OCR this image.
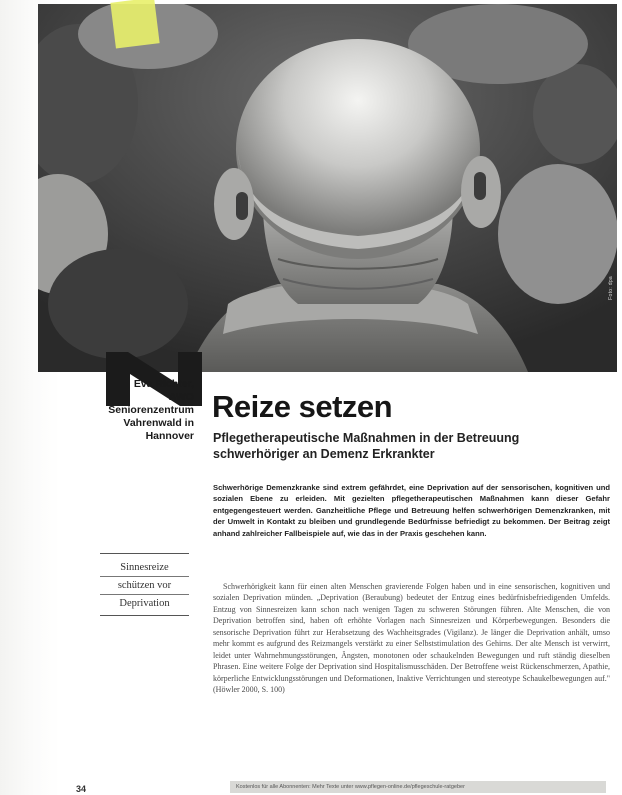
Foto: dpa
Eva Richter,
AWO
Seniorenzentrum
Vahrenwald in
Hannover
Reize setzen
Pflegetherapeutische Maßnahmen in der Betreuung schwerhöriger an Demenz Erkrankter
Schwerhörige Demenzkranke sind extrem gefährdet, eine Deprivation auf der sensorischen, kognitiven und sozialen Ebene zu erleiden. Mit gezielten pflegetherapeutischen Maßnahmen kann dieser Gefahr entgegengesteuert werden. Ganzheitliche Pflege und Betreuung helfen schwerhörigen Demenzkranken, mit der Umwelt in Kontakt zu bleiben und grundlegende Bedürfnisse befriedigt zu bekommen. Der Beitrag zeigt anhand zahlreicher Fallbeispiele auf, wie das in der Praxis geschehen kann.
Sinnesreize
schützen vor
Deprivation
Schwerhörigkeit kann für einen alten Menschen gravierende Folgen haben und in eine sensorischen, kognitiven und sozialen Deprivation münden. „Deprivation (Beraubung) bedeutet der Entzug eines bedürfnisbefriedigenden Umfelds. Entzug von Sinnesreizen kann schon nach wenigen Tagen zu schweren Störungen führen. Alte Menschen, die von Deprivation betroffen sind, haben oft erhöhte Vorlagen nach Sinnesreizen und Körperbewegungen. Besonders die sensorische Deprivation führt zur Herabsetzung des Wachheitsgrades (Vigilanz). Je länger die Deprivation anhält, umso mehr kommt es aufgrund des Reizmangels verstärkt zu einer Selbststimulation des Gehirns. Der alte Mensch ist verwirrt, leidet unter Wahrnehmungsstörungen, Ängsten, monotonen oder schaukelnden Bewegungen und ruft ständig dieselben Phrasen. Eine weitere Folge der Deprivation sind Hospitalismusschäden. Der Betroffene weist Rückenschmerzen, Apathie, körperliche Entwicklungsstörungen und Deformationen, Inaktive Verrichtungen und stereotype Schaukelbewegungen auf." (Höwler 2000, S. 100)
Kostenlos für alle Abonnenten: Mehr Texte unter www.pflegen-online.de/pflegeschule-ratgeber
34
